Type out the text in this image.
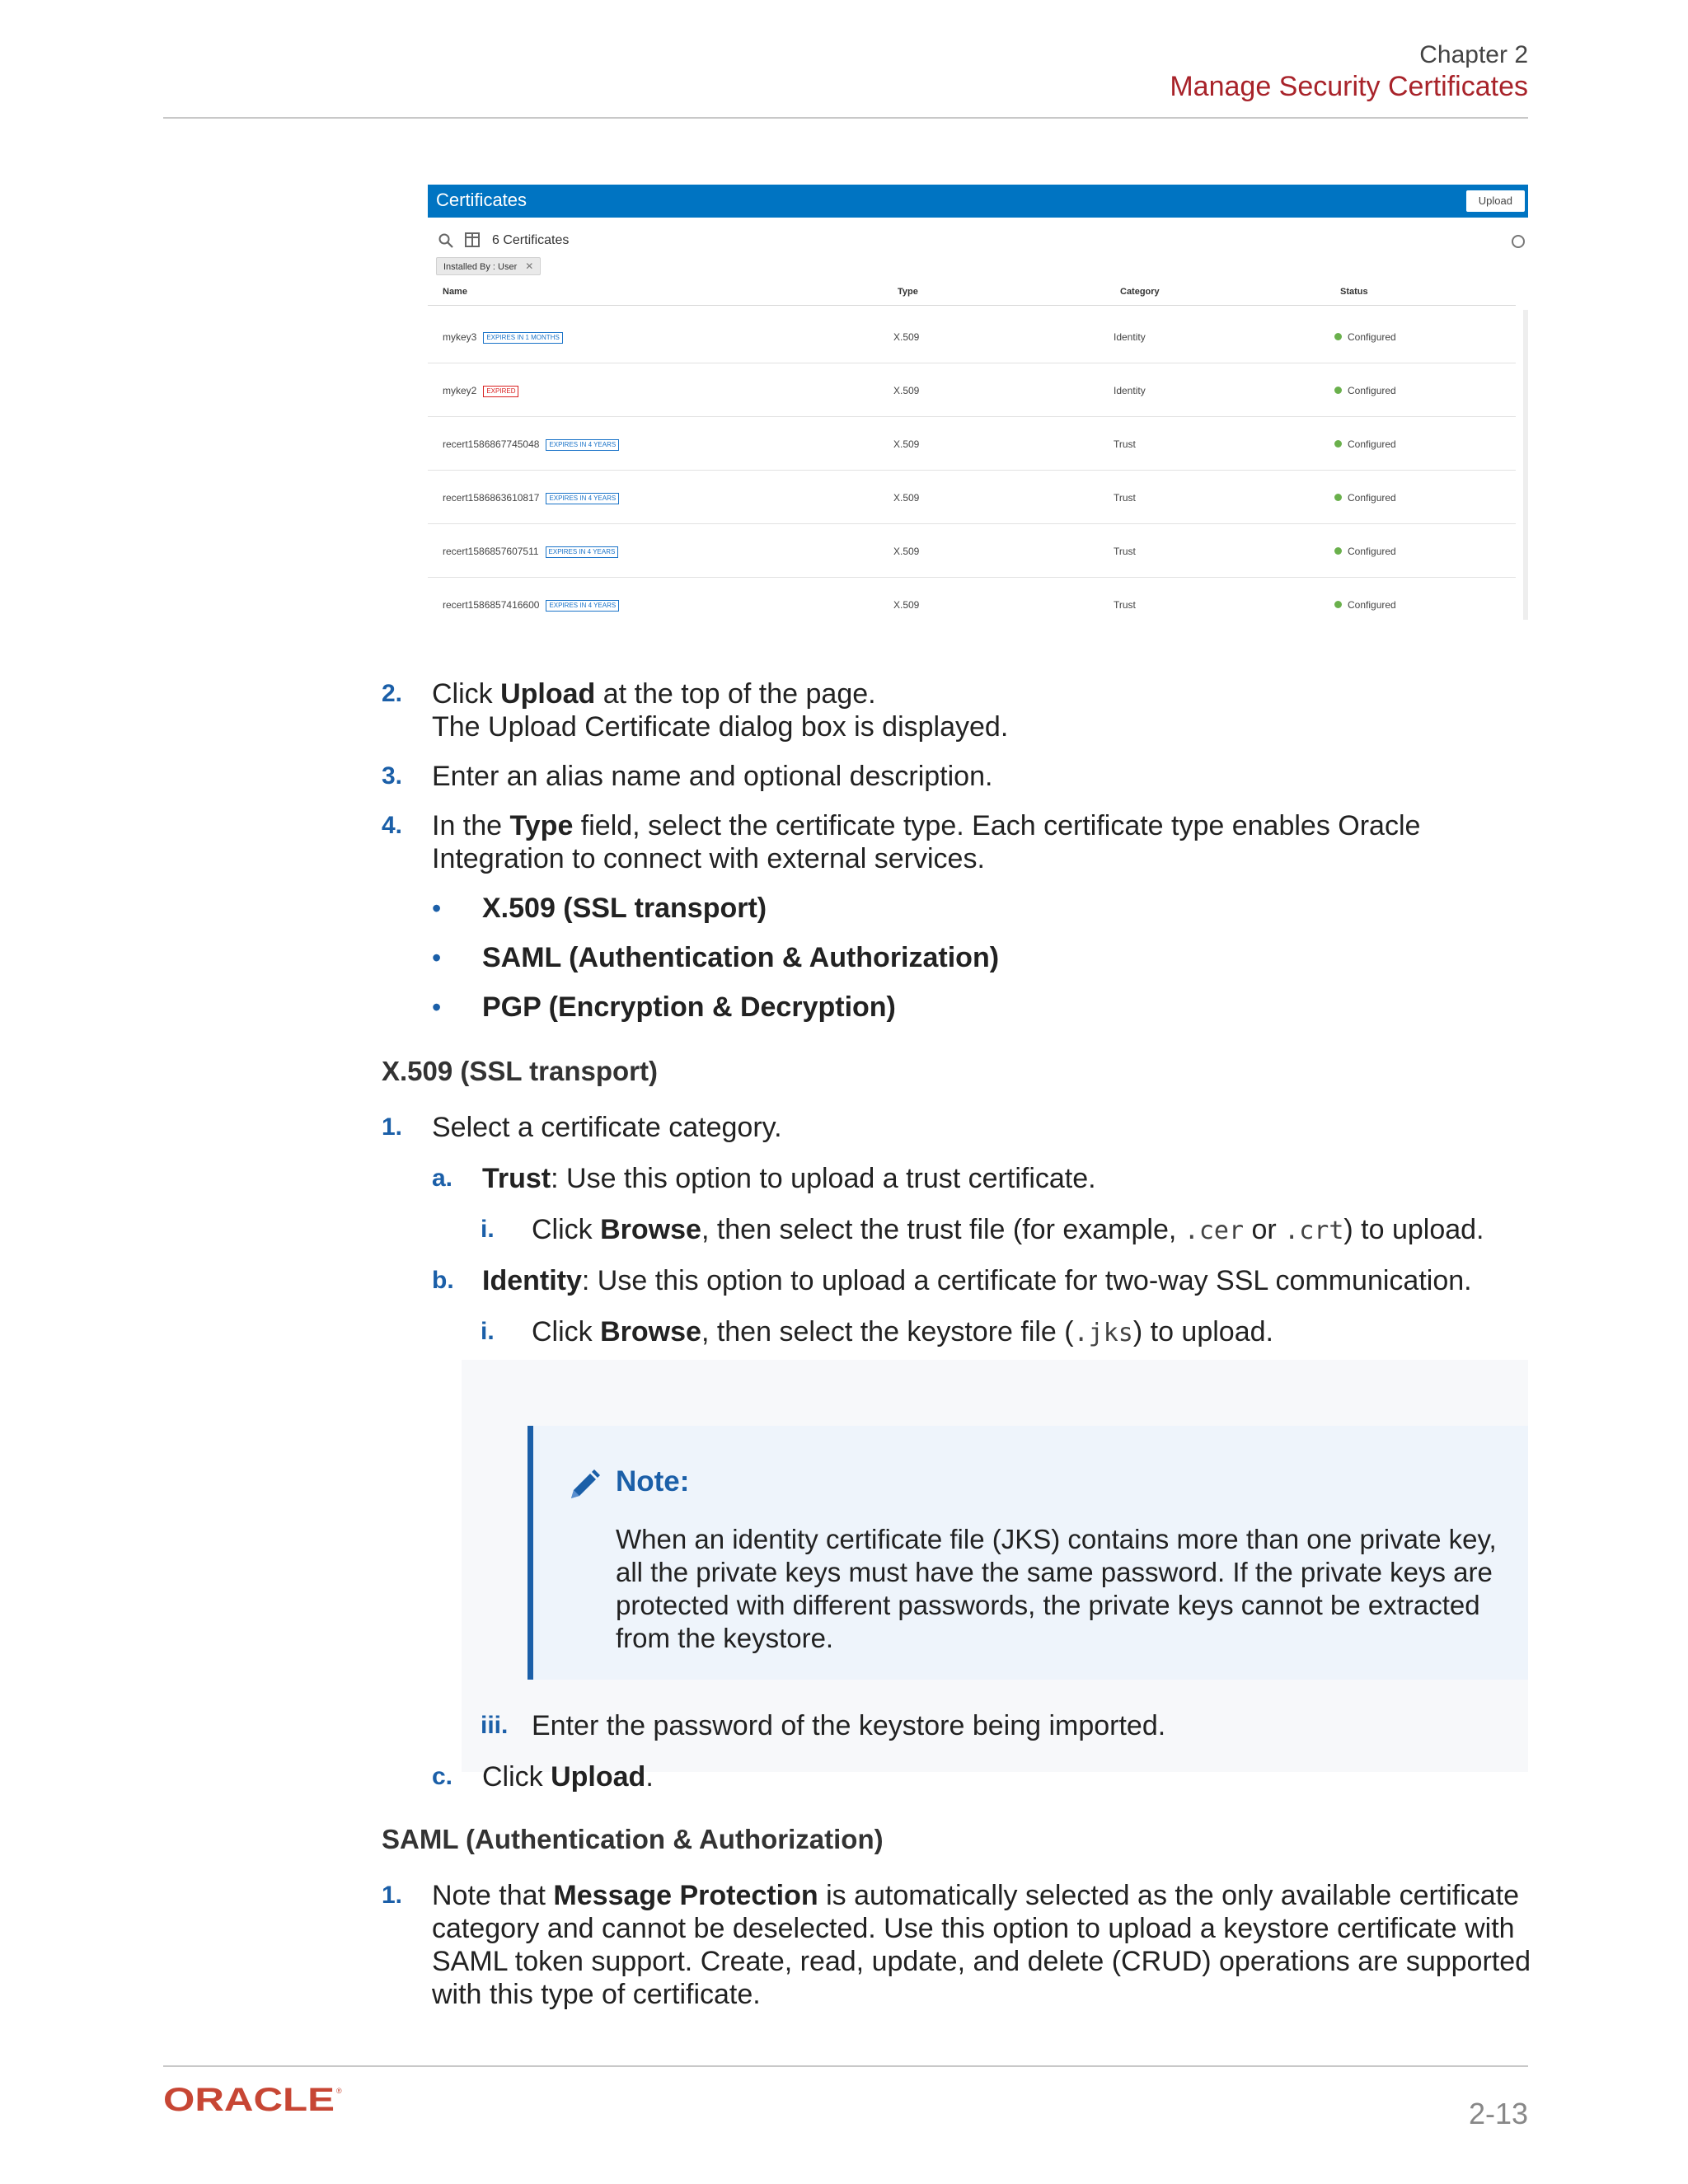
Chapter 2
Manage Security Certificates
Certificates	Upload
6 Certificates
Installed By : User ✕
Name	Type	Category	Status
mykey3 EXPIRES IN 1 MONTHS	X.509	Identity	Configured
mykey2 EXPIRED	X.509	Identity	Configured
recert1586867745048 EXPIRES IN 4 YEARS	X.509	Trust	Configured
recert1586863610817 EXPIRES IN 4 YEARS	X.509	Trust	Configured
recert1586857607511 EXPIRES IN 4 YEARS	X.509	Trust	Configured
recert1586857416600 EXPIRES IN 4 YEARS	X.509	Trust	Configured
2. Click Upload at the top of the page.
The Upload Certificate dialog box is displayed.
3. Enter an alias name and optional description.
4. In the Type field, select the certificate type. Each certificate type enables Oracle
Integration to connect with external services.
• X.509 (SSL transport)
• SAML (Authentication & Authorization)
• PGP (Encryption & Decryption)
X.509 (SSL transport)
1. Select a certificate category.
a. Trust: Use this option to upload a trust certificate.
i. Click Browse, then select the trust file (for example, .cer or .crt) to upload.
b. Identity: Use this option to upload a certificate for two-way SSL communication.
i. Click Browse, then select the keystore file (.jks) to upload.
Note:
When an identity certificate file (JKS) contains more than one private key, all the private keys must have the same password. If the private keys are protected with different passwords, the private keys cannot be extracted from the keystore.
iii. Enter the password of the keystore being imported.
c. Click Upload.
SAML (Authentication & Authorization)
1. Note that Message Protection is automatically selected as the only available certificate
category and cannot be deselected. Use this option to upload a keystore certificate with
SAML token support. Create, read, update, and delete (CRUD) operations are supported
with this type of certificate.
ORACLE ®
2-13
